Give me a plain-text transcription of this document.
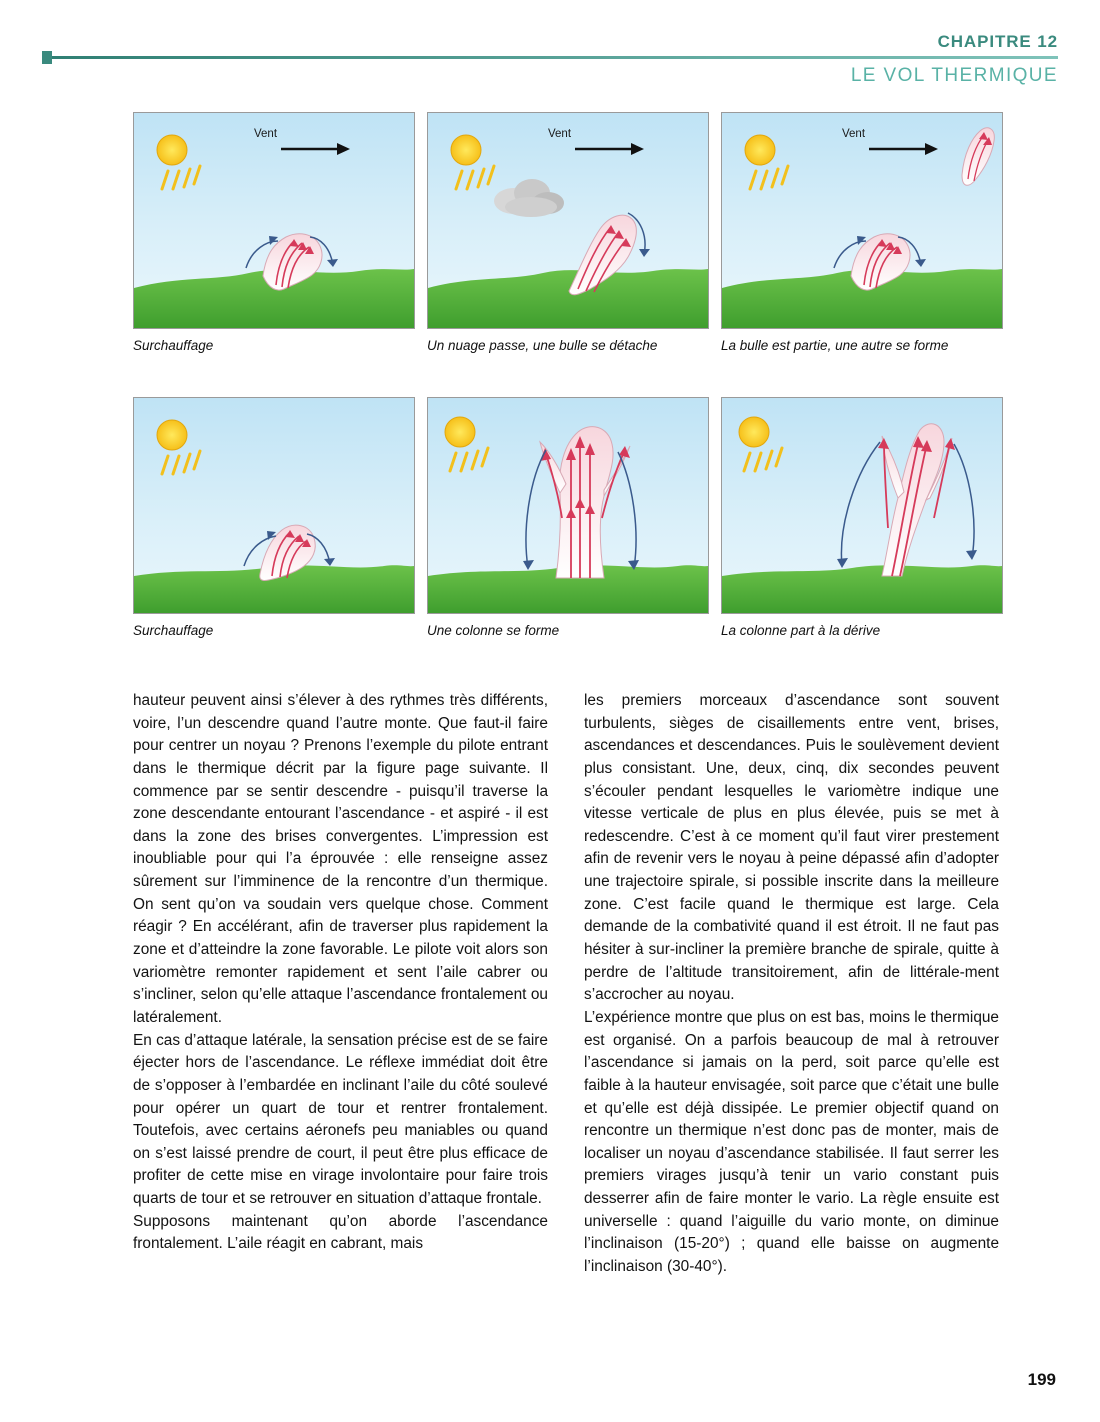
CHAPITRE 12
LE VOL THERMIQUE
Vent
Surchauffage
Vent
Un nuage passe, une bulle se détache
Vent
La bulle est partie, une autre se forme
Surchauffage	Une colonne se forme	La colonne part à la dérive

hauteur peuvent ainsi s’élever à des rythmes très différents, voire, l’un descendre quand l’autre monte. Que faut-il faire pour centrer un noyau ? Prenons l’exemple du pilote entrant dans le thermique décrit par la figure page suivante. Il commence par se sentir descendre - puisqu’il traverse la zone descendante entourant l’ascendance - et aspiré - il est dans la zone des brises convergentes. L’impression est inoubliable pour qui l’a éprouvée : elle renseigne assez sûrement sur l’imminence de la rencontre d’un thermique. On sent qu’on va soudain vers quelque chose. Comment réagir ? En accélérant, afin de traverser plus rapidement la zone et d’atteindre la zone favorable. Le pilote voit alors son variomètre remonter rapidement et sent l’aile cabrer ou s’incliner, selon qu’elle attaque l’ascendance frontalement ou latéralement.

En cas d’attaque latérale, la sensation précise est de se faire éjecter hors de l’ascendance. Le réflexe immédiat doit être de s’opposer à l’embardée en inclinant l’aile du côté soulevé pour opérer un quart de tour et rentrer frontalement. Toutefois, avec certains aéronefs peu maniables ou quand on s’est laissé prendre de court, il peut être plus efficace de profiter de cette mise en virage involontaire pour faire trois quarts de tour et se retrouver en situation d’attaque frontale.

Supposons maintenant qu’on aborde l’ascendance frontalement. L’aile réagit en cabrant, mais

les premiers morceaux d’ascendance sont souvent turbulents, sièges de cisaillements entre vent, brises, ascendances et descendances. Puis le soulèvement devient plus consistant. Une, deux, cinq, dix secondes peuvent s’écouler pendant lesquelles le variomètre indique une vitesse verticale de plus en plus élevée, puis se met à redescendre. C’est à ce moment qu’il faut virer prestement afin de revenir vers le noyau à peine dépassé afin d’adopter une trajectoire spirale, si possible inscrite dans la meilleure zone. C’est facile quand le thermique est large. Cela demande de la combativité quand il est étroit. Il ne faut pas hésiter à sur-incliner la première branche de spirale, quitte à perdre de l’altitude transitoirement, afin de littérale-ment s’accrocher au noyau.

L’expérience montre que plus on est bas, moins le thermique est organisé. On a parfois beaucoup de mal à retrouver l’ascendance si jamais on la perd, soit parce qu’elle est faible à la hauteur envisagée, soit parce que c’était une bulle et qu’elle est déjà dissipée. Le premier objectif quand on rencontre un thermique n’est donc pas de monter, mais de localiser un noyau d’ascendance stabilisée. Il faut serrer les premiers virages jusqu’à tenir un vario constant puis desserrer afin de faire monter le vario. La règle ensuite est universelle : quand l’aiguille du vario monte, on diminue l’inclinaison (15-20°) ; quand elle baisse on augmente l’inclinaison (30-40°).

199
